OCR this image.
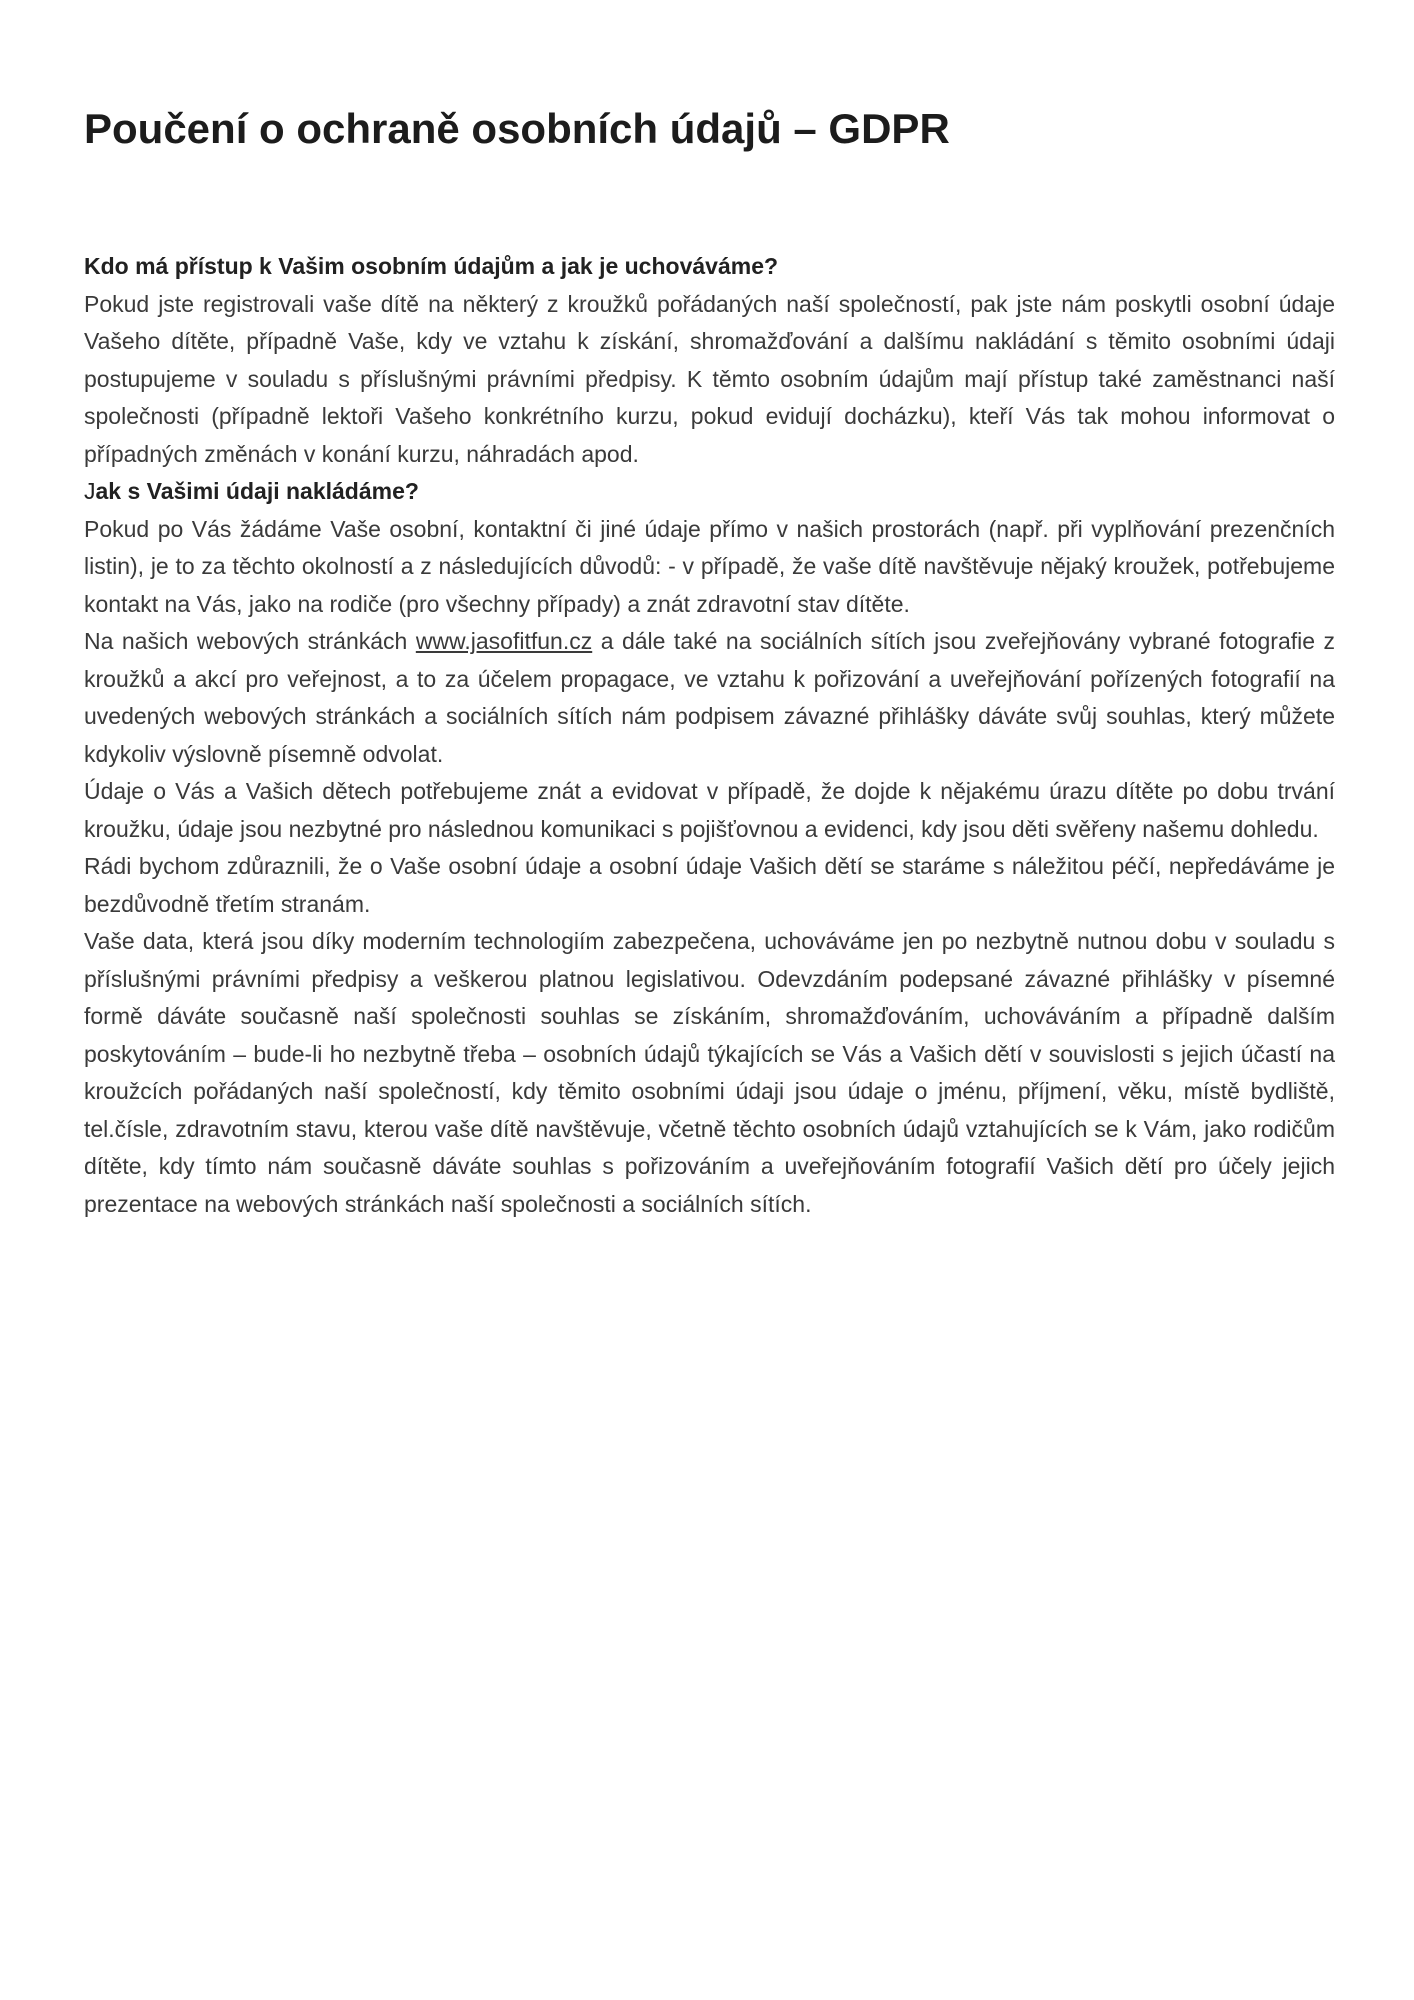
Poučení o ochraně osobních údajů – GDPR

Kdo má přístup k Vašim osobním údajům a jak je uchováváme?

Pokud jste registrovali vaše dítě na některý z kroužků pořádaných naší společností, pak jste nám poskytli osobní údaje Vašeho dítěte, případně Vaše, kdy ve vztahu k získání, shromažďování a dalšímu nakládání s těmito osobními údaji postupujeme v souladu s příslušnými právními předpisy. K těmto osobním údajům mají přístup také zaměstnanci naší společnosti (případně lektoři Vašeho konkrétního kurzu, pokud evidují docházku), kteří Vás tak mohou informovat o případných změnách v konání kurzu, náhradách apod.

Jak s Vašimi údaji nakládáme?

Pokud po Vás žádáme Vaše osobní, kontaktní či jiné údaje přímo v našich prostorách (např. při vyplňování prezenčních listin), je to za těchto okolností a z následujících důvodů: - v případě, že vaše dítě navštěvuje nějaký kroužek, potřebujeme kontakt na Vás, jako na rodiče (pro všechny případy) a znát zdravotní stav dítěte.

Na našich webových stránkách www.jasofitfun.cz a dále také na sociálních sítích jsou zveřejňovány vybrané fotografie z kroužků a akcí pro veřejnost, a to za účelem propagace, ve vztahu k pořizování a uveřejňování pořízených fotografií na uvedených webových stránkách a sociálních sítích nám podpisem závazné přihlášky dáváte svůj souhlas, který můžete kdykoliv výslovně písemně odvolat.

Údaje o Vás a Vašich dětech potřebujeme znát a evidovat v případě, že dojde k nějakému úrazu dítěte po dobu trvání kroužku, údaje jsou nezbytné pro následnou komunikaci s pojišťovnou a evidenci, kdy jsou děti svěřeny našemu dohledu.

Rádi bychom zdůraznili, že o Vaše osobní údaje a osobní údaje Vašich dětí se staráme s náležitou péčí, nepředáváme je bezdůvodně třetím stranám.

Vaše data, která jsou díky moderním technologiím zabezpečena, uchováváme jen po nezbytně nutnou dobu v souladu s příslušnými právními předpisy a veškerou platnou legislativou. Odevzdáním podepsané závazné přihlášky v písemné formě dáváte současně naší společnosti souhlas se získáním, shromažďováním, uchováváním a případně dalším poskytováním – bude-li ho nezbytně třeba – osobních údajů týkajících se Vás a Vašich dětí v souvislosti s jejich účastí na kroužcích pořádaných naší společností, kdy těmito osobními údaji jsou údaje o jménu, příjmení, věku, místě bydliště, tel.čísle, zdravotním stavu, kterou vaše dítě navštěvuje, včetně těchto osobních údajů vztahujících se k Vám, jako rodičům dítěte, kdy tímto nám současně dáváte souhlas s pořizováním a uveřejňováním fotografií Vašich dětí pro účely jejich prezentace na webových stránkách naší společnosti a sociálních sítích.
